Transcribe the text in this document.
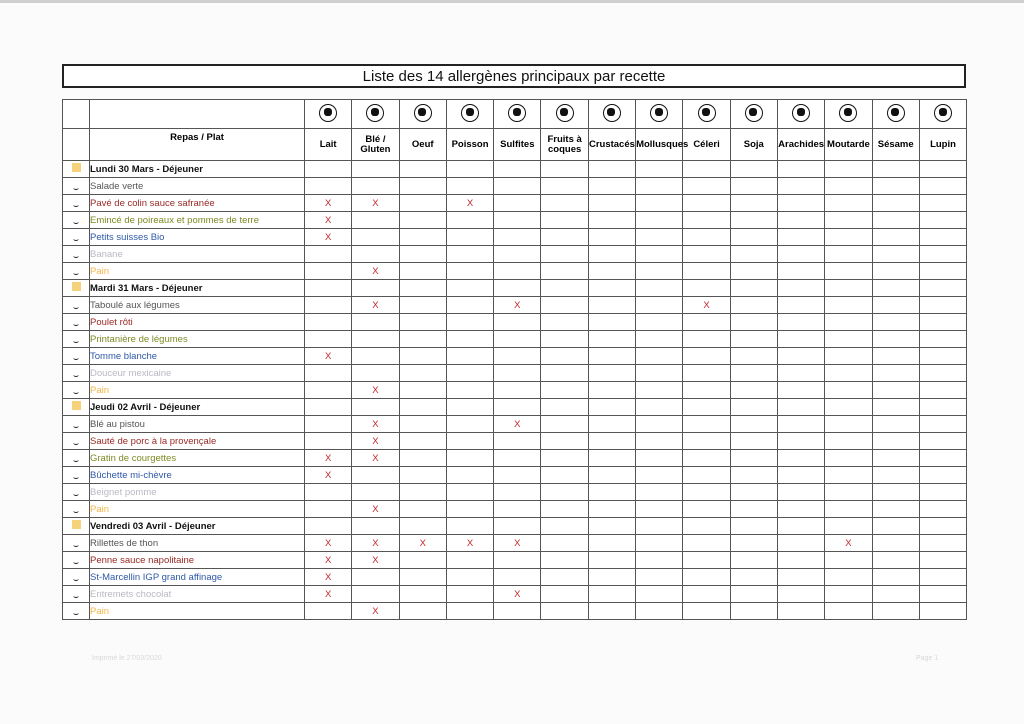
Liste des 14 allergènes principaux par recette

	Repas / Plat	Lait	Blé / Gluten	Oeuf	Poisson	Sulfites	Fruits à coques	Crustacés	Mollusques	Céleri	Soja	Arachides	Moutarde	Sésame	Lupin
	Lundi 30 Mars - Déjeuner														
⌣	Salade verte														
⌣	Pavé de colin sauce safranée	X	X		X										
⌣	Emincé de poireaux et pommes de terre	X													
⌣	Petits suisses Bio	X													
⌣	Banane														
⌣	Pain		X												
	Mardi 31 Mars - Déjeuner														
⌣	Taboulé aux légumes		X			X				X					
⌣	Poulet rôti														
⌣	Printanière de légumes														
⌣	Tomme blanche	X													
⌣	Douceur mexicaine														
⌣	Pain		X												
	Jeudi 02 Avril - Déjeuner														
⌣	Blé au pistou		X			X									
⌣	Sauté de porc à la provençale		X												
⌣	Gratin de courgettes	X	X												
⌣	Bûchette mi-chèvre	X													
⌣	Beignet pomme														
⌣	Pain		X												
	Vendredi 03 Avril - Déjeuner														
⌣	Rillettes de thon	X	X	X	X	X							X		
⌣	Penne sauce napolitaine	X	X												
⌣	St-Marcellin IGP grand affinage	X													
⌣	Entremets chocolat	X				X									
⌣	Pain		X												
Imprimé le 27/03/2020	Page 1
